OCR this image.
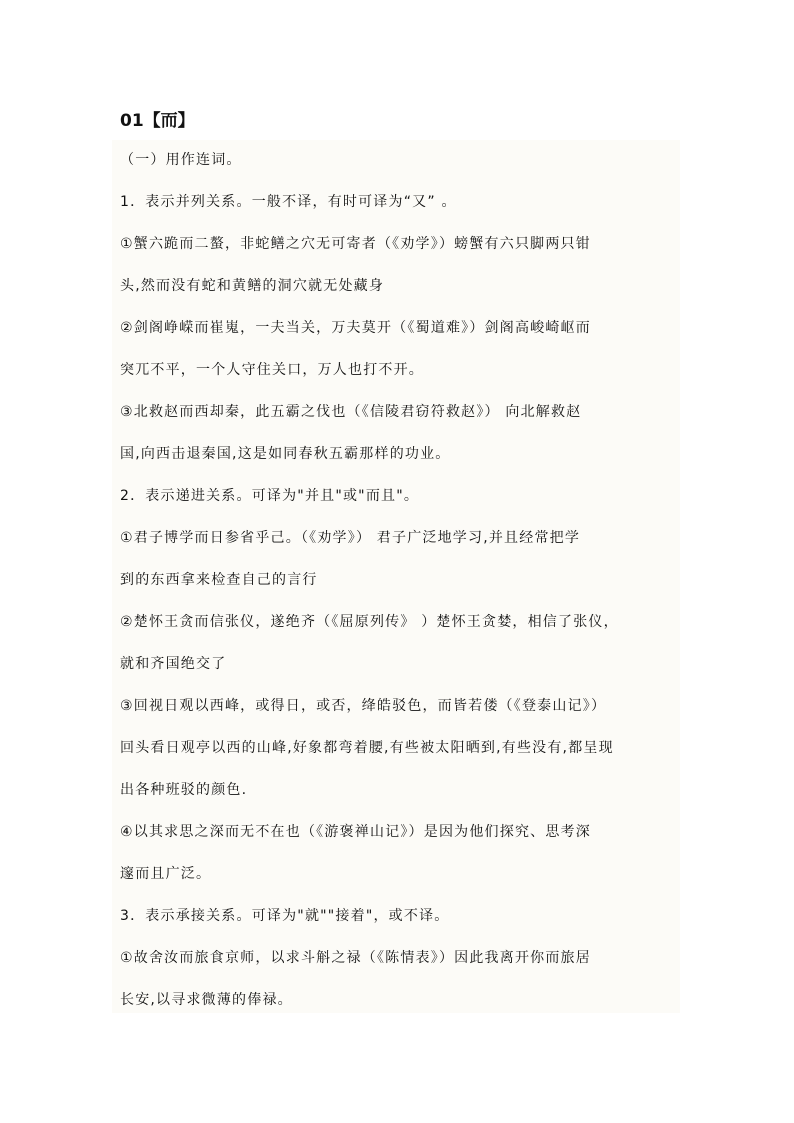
01【而】
（一）用作连词。
1．表示并列关系。一般不译，有时可译为“又” 。
①蟹六跪而二螯，非蛇鳝之穴无可寄者（《劝学》）螃蟹有六只脚两只钳
头,然而没有蛇和黄鳝的洞穴就无处藏身
②剑阁峥嵘而崔嵬，一夫当关，万夫莫开（《蜀道难》）剑阁高峻崎岖而
突兀不平，一个人守住关口，万人也打不开。
③北救赵而西却秦，此五霸之伐也（《信陵君窃符救赵》） 向北解救赵
国,向西击退秦国,这是如同春秋五霸那样的功业。
2．表示递进关系。可译为"并且"或"而且"。
①君子博学而日参省乎己。（《劝学》） 君子广泛地学习,并且经常把学
到的东西拿来检查自己的言行
②楚怀王贪而信张仪，遂绝齐（《屈原列传》 ）楚怀王贪婪，相信了张仪，
就和齐国绝交了
③回视日观以西峰，或得日，或否，绛皓驳色，而皆若偻（《登泰山记》）
回头看日观亭以西的山峰,好象都弯着腰,有些被太阳晒到,有些没有,都呈现
出各种班驳的颜色.
④以其求思之深而无不在也（《游褒禅山记》）是因为他们探究、思考深
邃而且广泛。
3．表示承接关系。可译为"就""接着"，或不译。
①故舍汝而旅食京师，以求斗斛之禄（《陈情表》）因此我离开你而旅居
长安,以寻求微薄的俸禄。
